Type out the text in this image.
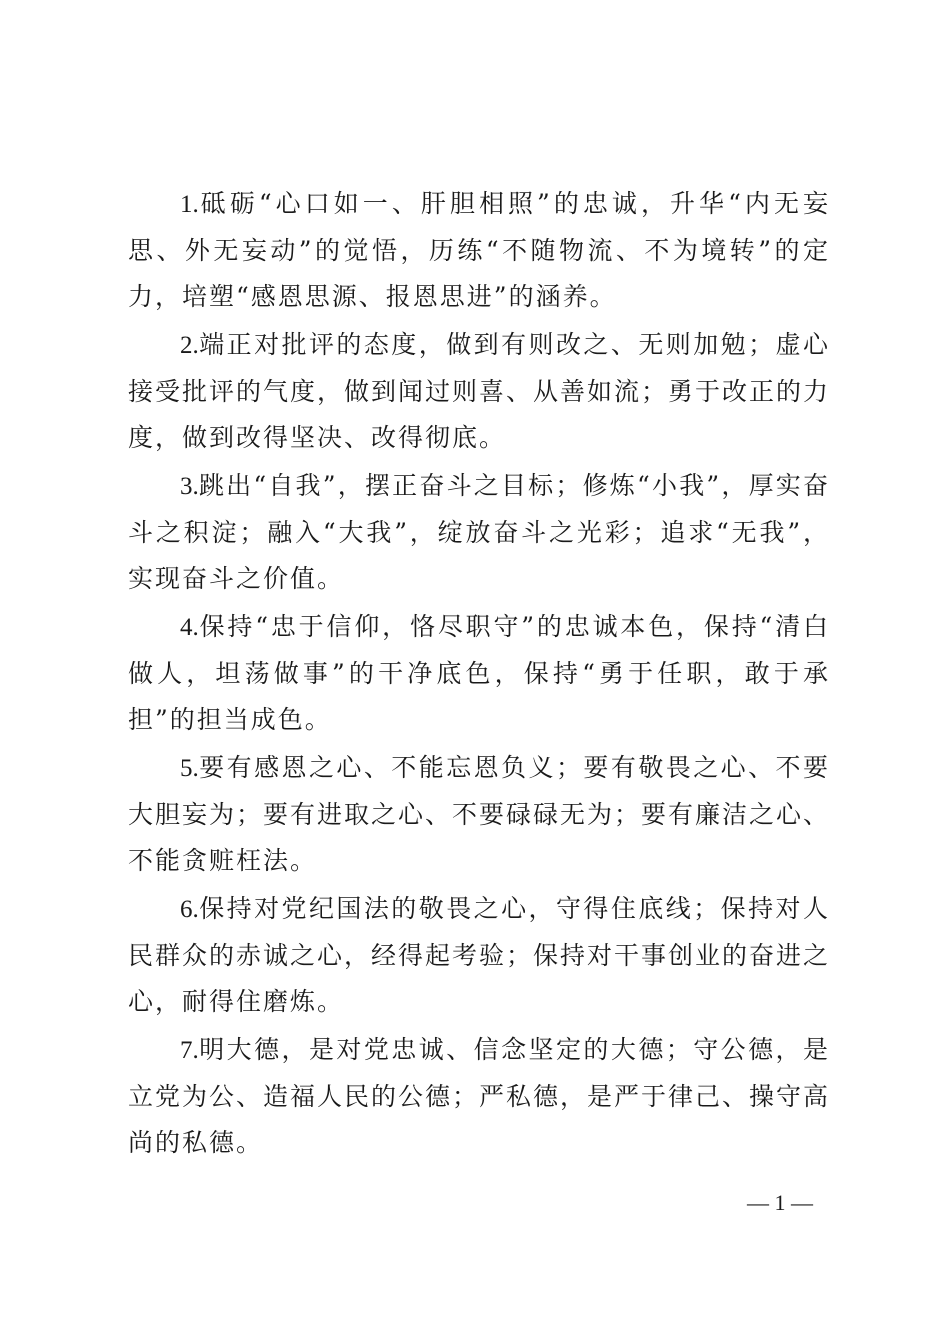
1.砥砺“心口如一、肝胆相照”的忠诚，升华“内无妄思、外无妄动”的觉悟，历练“不随物流、不为境转”的定力，培塑“感恩思源、报恩思进”的涵养。

2.端正对批评的态度，做到有则改之、无则加勉；虚心接受批评的气度，做到闻过则喜、从善如流；勇于改正的力度，做到改得坚决、改得彻底。

3.跳出“自我”，摆正奋斗之目标；修炼“小我”，厚实奋斗之积淀；融入“大我”，绽放奋斗之光彩；追求“无我”，实现奋斗之价值。

4.保持“忠于信仰，恪尽职守”的忠诚本色，保持“清白做人，坦荡做事”的干净底色，保持“勇于任职，敢于承担”的担当成色。

5.要有感恩之心、不能忘恩负义；要有敬畏之心、不要大胆妄为；要有进取之心、不要碌碌无为；要有廉洁之心、不能贪赃枉法。

6.保持对党纪国法的敬畏之心，守得住底线；保持对人民群众的赤诚之心，经得起考验；保持对干事创业的奋进之心，耐得住磨炼。

7.明大德，是对党忠诚、信念坚定的大德；守公德，是立党为公、造福人民的公德；严私德，是严于律己、操守高尚的私德。

— 1 —
